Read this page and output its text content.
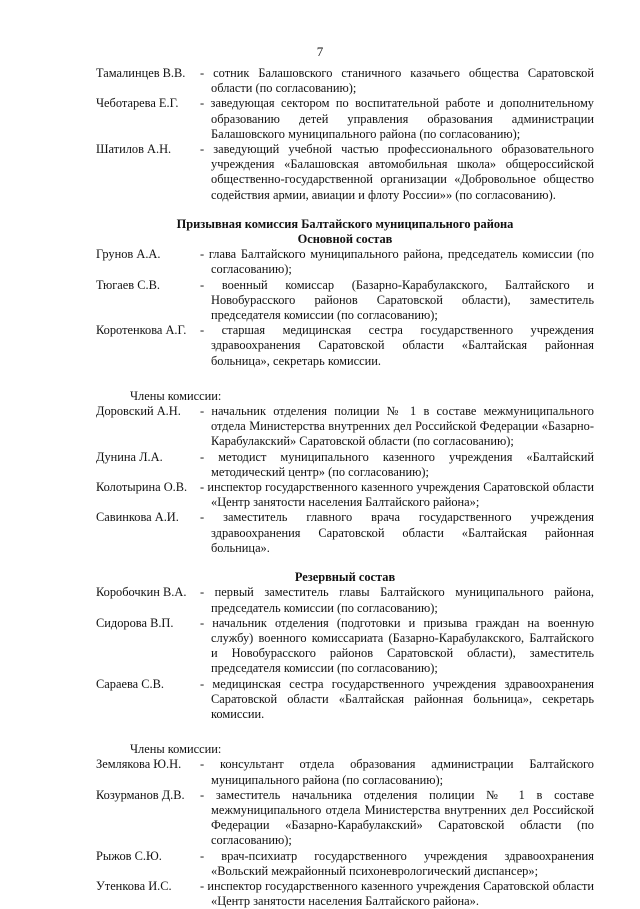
7
Тамалинцев В.В.	- сотник Балашовского станичного казачьего общества Саратовской области (по согласованию);
Чеботарева Е.Г.	- заведующая сектором по воспитательной работе и дополнительному образованию детей управления образования администрации Балашовского муниципального района (по согласованию);
Шатилов А.Н.	- заведующий учебной частью профессионального образовательного учреждения «Балашовская автомобильная школа» общероссийской общественно-государственной организации «Добровольное общество содействия армии, авиации и флоту России»» (по согласованию).
Призывная комиссия Балтайского муниципального района
Основной состав
Грунов А.А.	- глава Балтайского муниципального района, председатель комиссии (по согласованию);
Тюгаев С.В.	- военный комиссар (Базарно-Карабулакского, Балтайского и Новобурасского районов Саратовской области), заместитель председателя комиссии (по согласованию);
Коротенкова А.Г.	- старшая медицинская сестра государственного учреждения здравоохранения Саратовской области «Балтайская районная больница», секретарь комиссии.
Члены комиссии:
Доровский А.Н.	- начальник отделения полиции № 1 в составе межмуниципального отдела Министерства внутренних дел Российской Федерации «Базарно-Карабулакский» Саратовской области (по согласованию);
Дунина Л.А.	- методист муниципального казенного учреждения «Балтайский методический центр» (по согласованию);
Колотырина О.В.	- инспектор государственного казенного учреждения Саратовской области «Центр занятости населения Балтайского района»;
Савинкова А.И.	- заместитель главного врача государственного учреждения здравоохранения Саратовской области «Балтайская районная больница».
Резервный состав
Коробочкин В.А.	- первый заместитель главы Балтайского муниципального района, председатель комиссии (по согласованию);
Сидорова В.П.	- начальник отделения (подготовки и призыва граждан на военную службу) военного комиссариата (Базарно-Карабулакского, Балтайского и Новобурасского районов Саратовской области), заместитель председателя комиссии (по согласованию);
Сараева С.В.	- медицинская сестра государственного учреждения здравоохранения Саратовской области «Балтайская районная больница», секретарь комиссии.
Члены комиссии:
Землякова Ю.Н.	- консультант отдела образования администрации Балтайского муниципального района (по согласованию);
Козурманов Д.В.	- заместитель начальника отделения полиции № 1 в составе межмуниципального отдела Министерства внутренних дел Российской Федерации «Базарно-Карабулакский» Саратовской области (по согласованию);
Рыжов С.Ю.	- врач-психиатр государственного учреждения здравоохранения «Вольский межрайонный психоневрологический диспансер»;
Утенкова И.С.	- инспектор государственного казенного учреждения Саратовской области «Центр занятости населения Балтайского района».
